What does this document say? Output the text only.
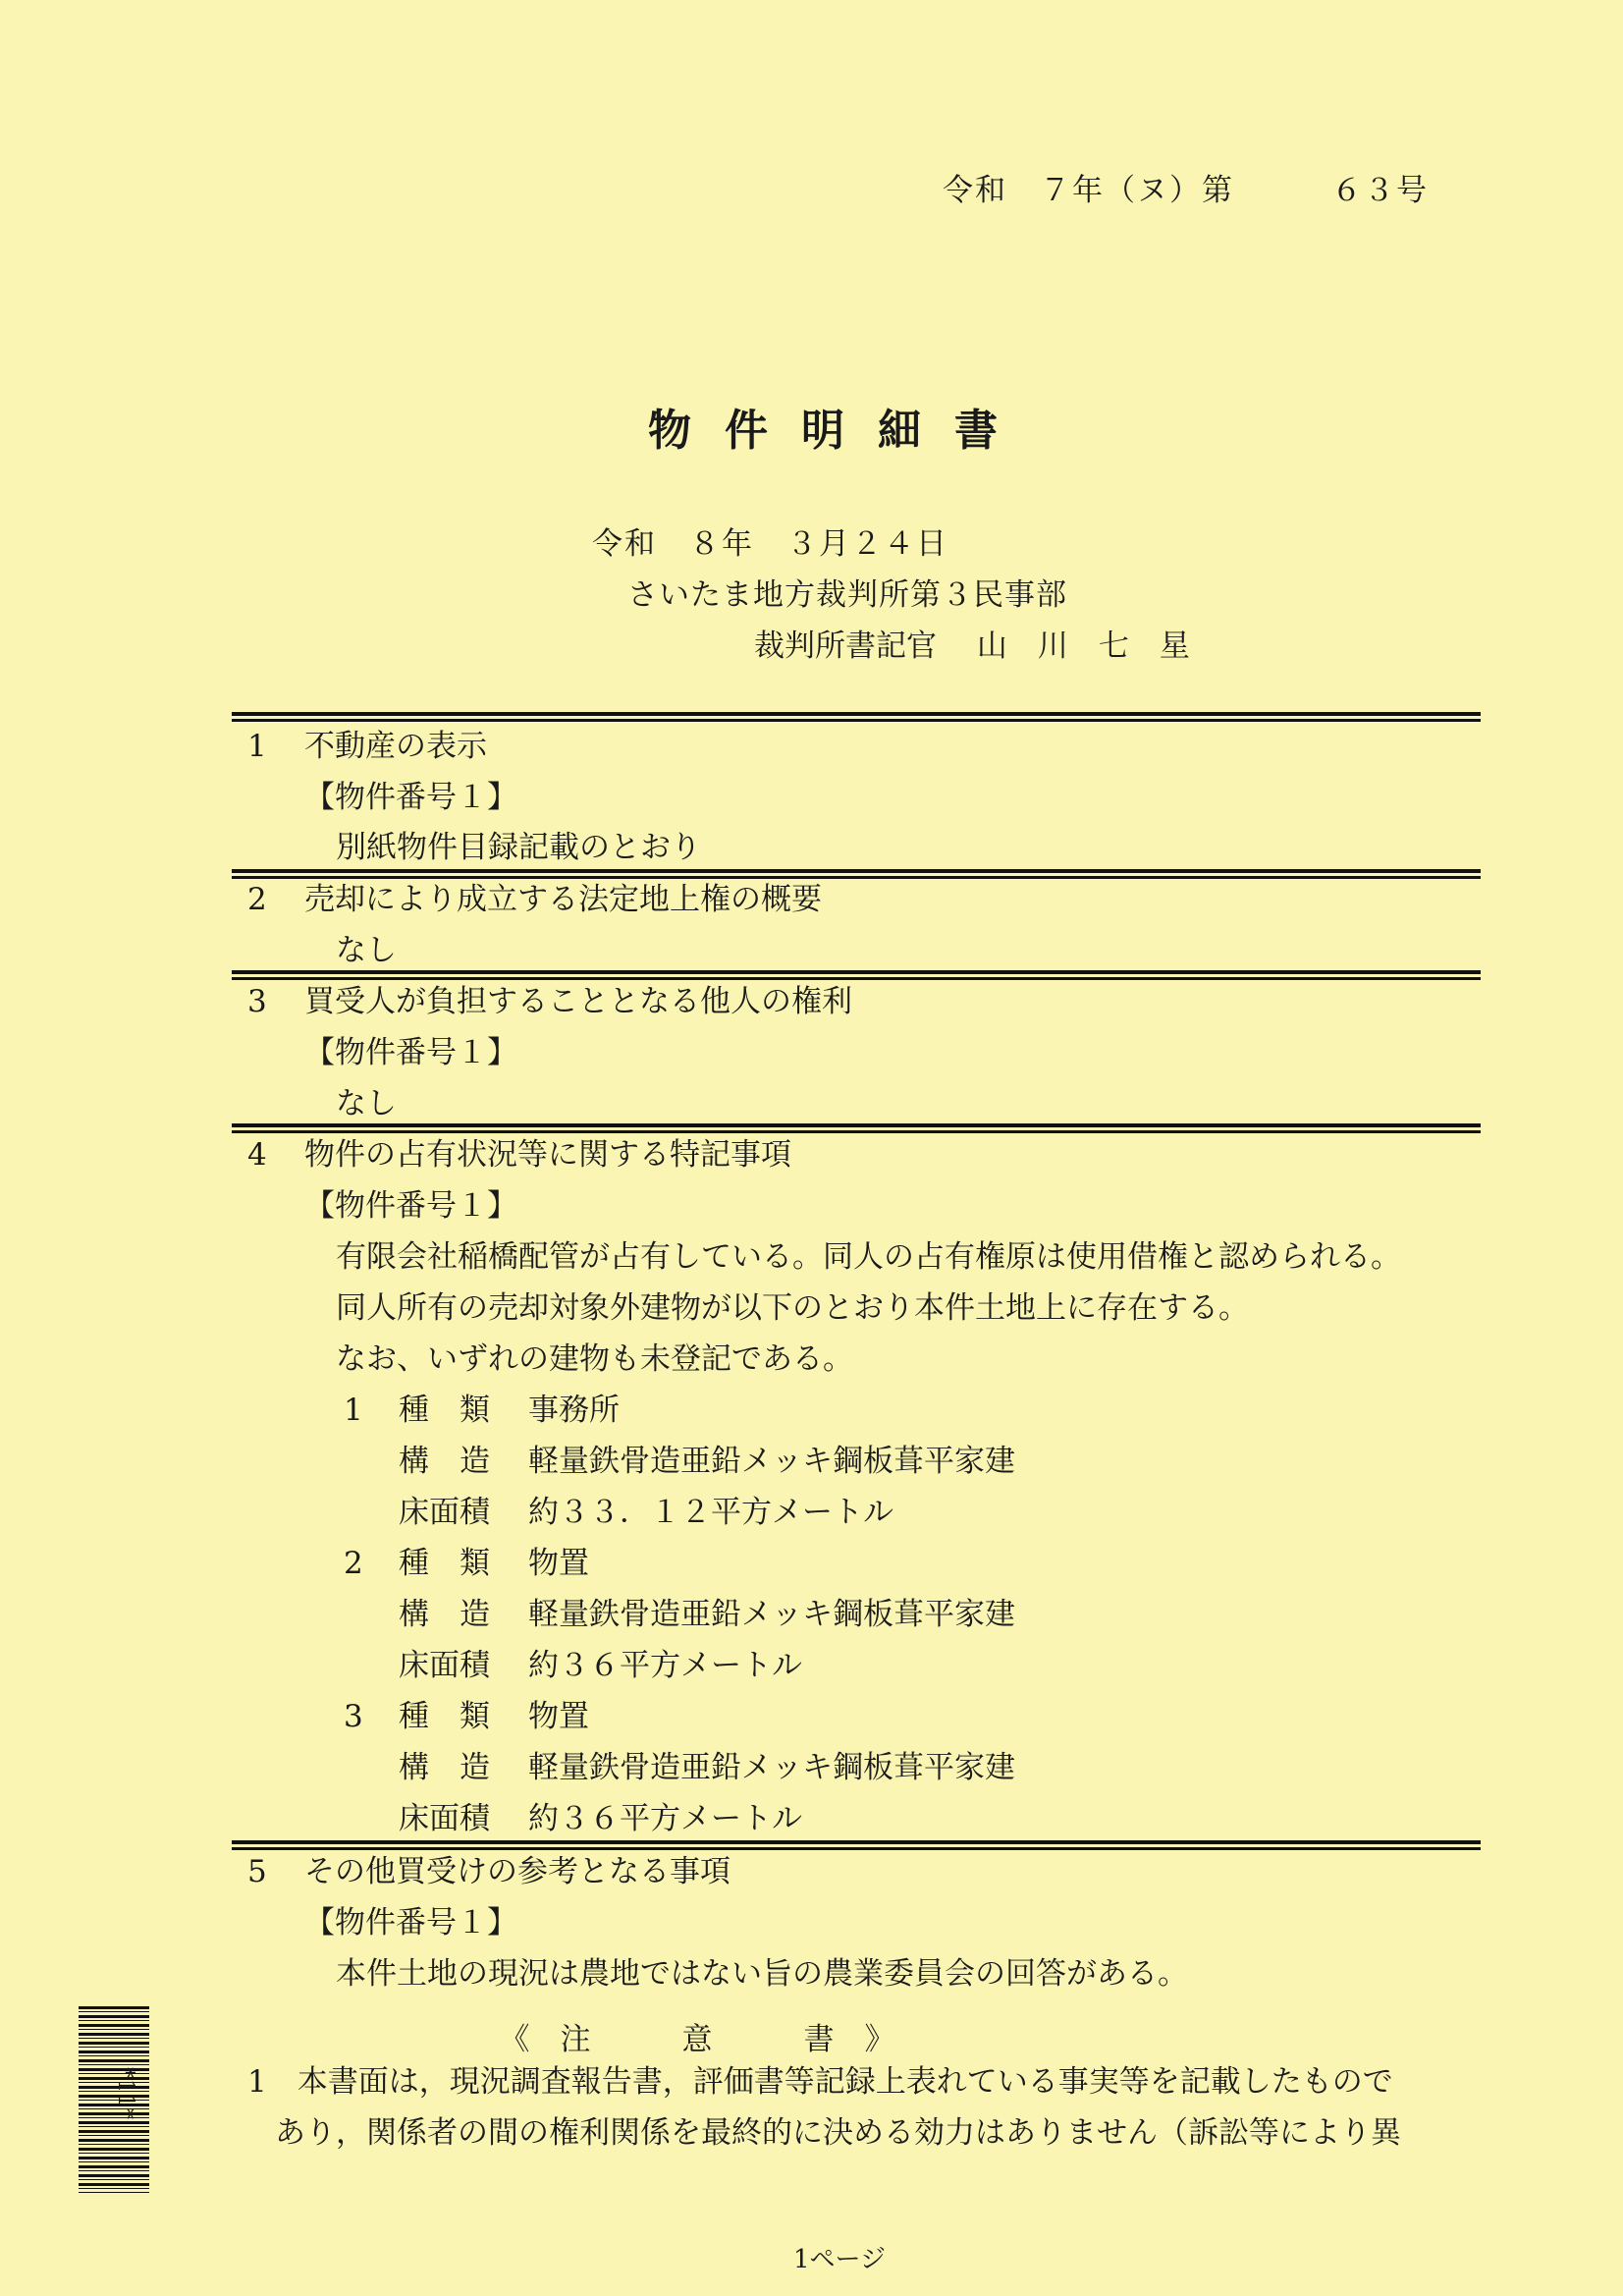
令和　７年（ヌ）第　　　６３号
物件明細書
令和　８年　３月２４日
さいたま地方裁判所第３民事部
裁判所書記官　 山　川　七　星
1 不動産の表示
【物件番号１】
別紙物件目録記載のとおり
2 売却により成立する法定地上権の概要
なし
3 買受人が負担することとなる他人の権利
【物件番号１】
なし
4 物件の占有状況等に関する特記事項
【物件番号１】
有限会社稲橋配管が占有している。同人の占有権原は使用借権と認められる。
同人所有の売却対象外建物が以下のとおり本件土地上に存在する。
なお、いずれの建物も未登記である。
1 種　類 事務所
構　造 軽量鉄骨造亜鉛メッキ鋼板葺平家建
床面積 約３３．１２平方メートル
2 種　類 物置
構　造 軽量鉄骨造亜鉛メッキ鋼板葺平家建
床面積 約３６平方メートル
3 種　類 物置
構　造 軽量鉄骨造亜鉛メッキ鋼板葺平家建
床面積 約３６平方メートル
5 その他買受けの参考となる事項
【物件番号１】
本件土地の現況は農地ではない旨の農業委員会の回答がある。
《　注　　　意　　　書　》
1　本書面は，現況調査報告書，評価書等記録上表れている事実等を記載したもので
あり，関係者の間の権利関係を最終的に決める効力はありません（訴訟等により異
*11*
1ページ
